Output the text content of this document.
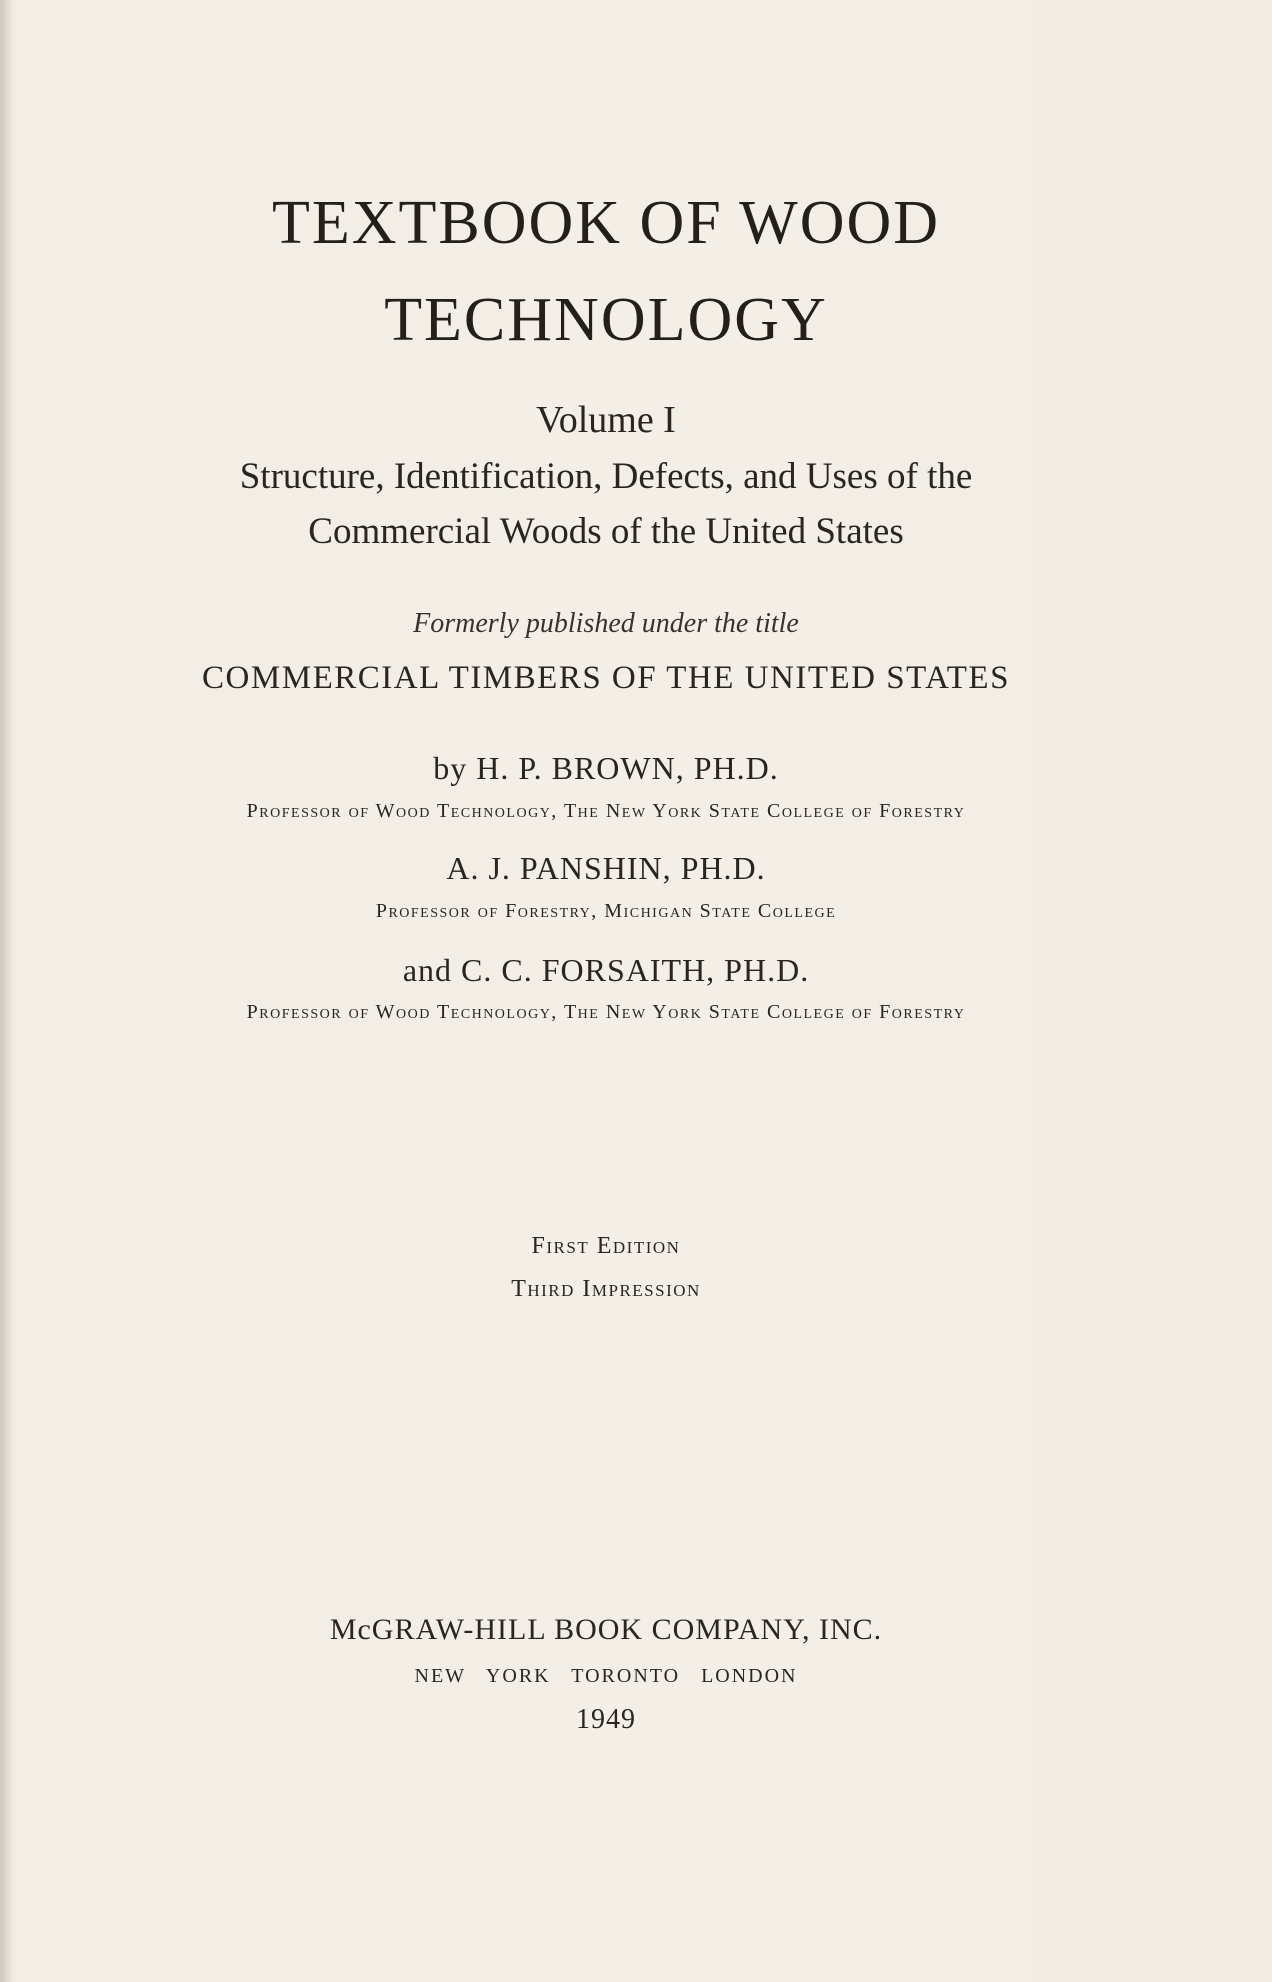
TEXTBOOK OF WOOD
TECHNOLOGY
Volume I
Structure, Identification, Defects, and Uses of the
Commercial Woods of the United States
Formerly published under the title
COMMERCIAL TIMBERS OF THE UNITED STATES
by H. P. BROWN, PH.D.
Professor of Wood Technology, The New York State College of Forestry
A. J. PANSHIN, PH.D.
Professor of Forestry, Michigan State College
and C. C. FORSAITH, PH.D.
Professor of Wood Technology, The New York State College of Forestry
First Edition
Third Impression
McGRAW-HILL BOOK COMPANY, INC.
NEW YORK TORONTO LONDON
1949
